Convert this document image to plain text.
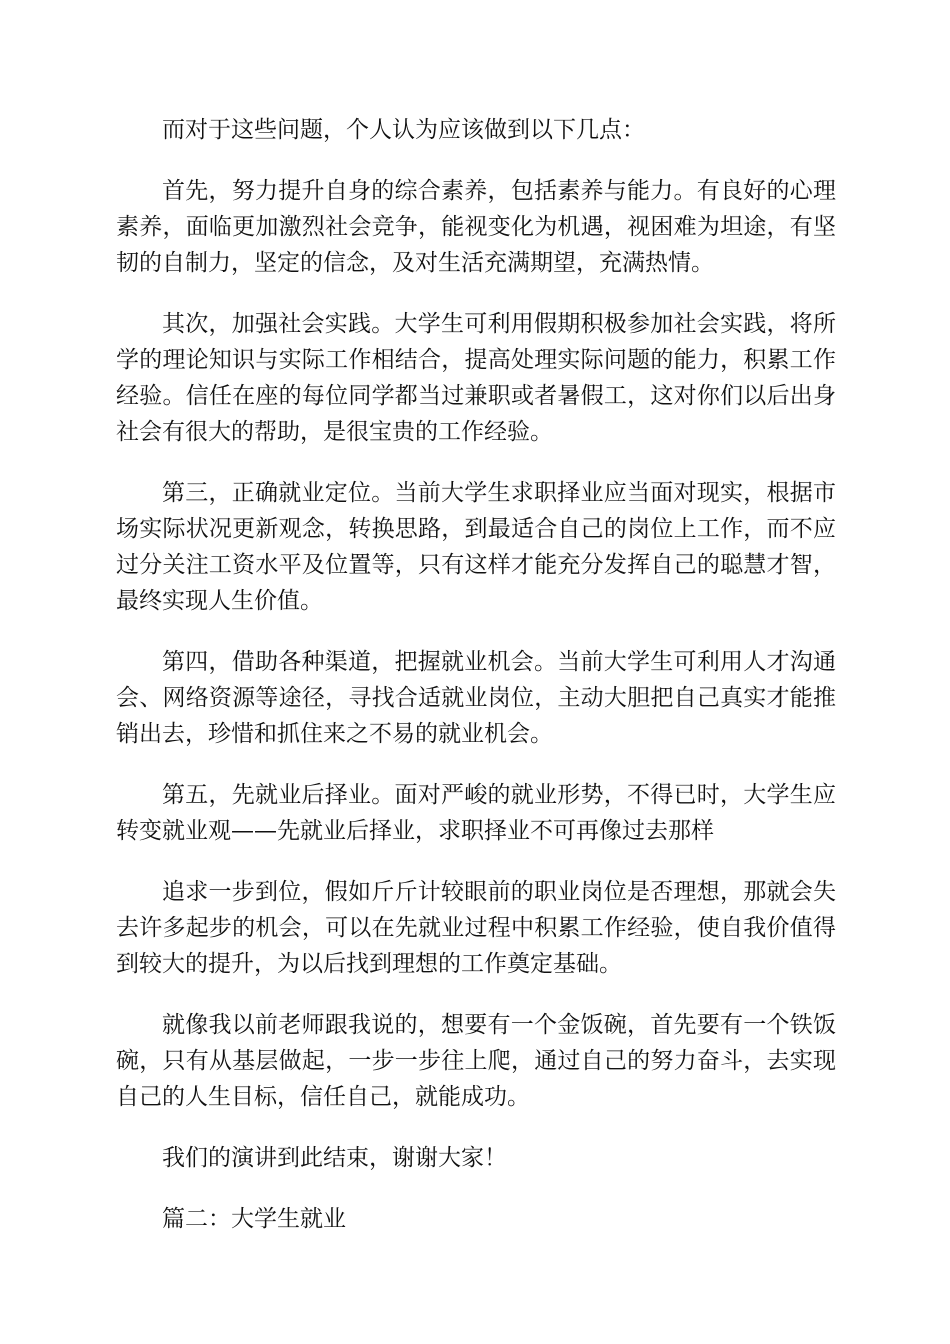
而对于这些问题，个人认为应该做到以下几点：

首先，努力提升自身的综合素养，包括素养与能力。有良好的心理素养，面临更加激烈社会竞争，能视变化为机遇，视困难为坦途，有坚韧的自制力，坚定的信念，及对生活充满期望，充满热情。

其次，加强社会实践。大学生可利用假期积极参加社会实践，将所学的理论知识与实际工作相结合，提高处理实际问题的能力，积累工作经验。信任在座的每位同学都当过兼职或者暑假工，这对你们以后出身社会有很大的帮助，是很宝贵的工作经验。

第三，正确就业定位。当前大学生求职择业应当面对现实，根据市场实际状况更新观念，转换思路，到最适合自己的岗位上工作，而不应过分关注工资水平及位置等，只有这样才能充分发挥自己的聪慧才智，最终实现人生价值。

第四，借助各种渠道，把握就业机会。当前大学生可利用人才沟通会、网络资源等途径，寻找合适就业岗位，主动大胆把自己真实才能推销出去，珍惜和抓住来之不易的就业机会。

第五，先就业后择业。面对严峻的就业形势，不得已时，大学生应转变就业观——先就业后择业，求职择业不可再像过去那样

追求一步到位，假如斤斤计较眼前的职业岗位是否理想，那就会失去许多起步的机会，可以在先就业过程中积累工作经验，使自我价值得到较大的提升，为以后找到理想的工作奠定基础。

就像我以前老师跟我说的，想要有一个金饭碗，首先要有一个铁饭碗，只有从基层做起，一步一步往上爬，通过自己的努力奋斗，去实现自己的人生目标，信任自己，就能成功。

我们的演讲到此结束，谢谢大家！

篇二：大学生就业
